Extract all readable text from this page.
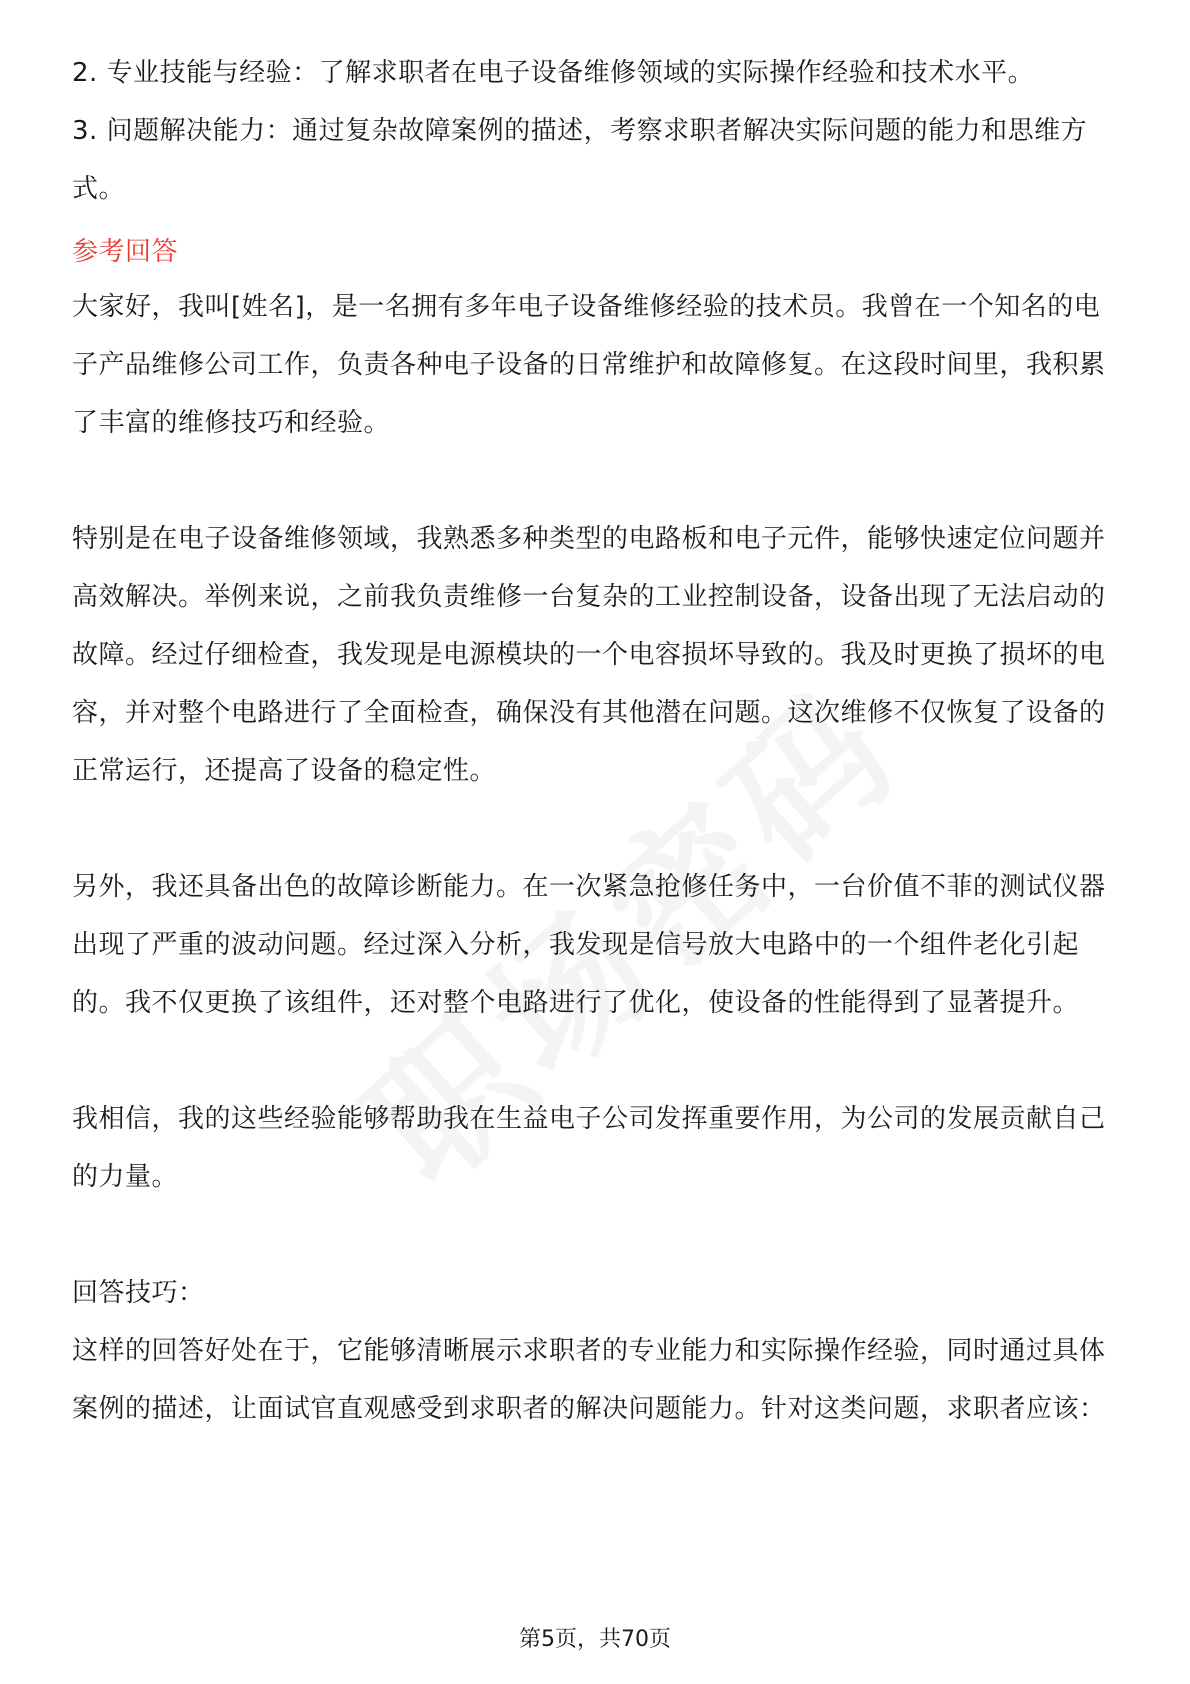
2. 专业技能与经验：了解求职者在电子设备维修领域的实际操作经验和技术水平。

3. 问题解决能力：通过复杂故障案例的描述，考察求职者解决实际问题的能力和思维方式。

参考回答

大家好，我叫[姓名]，是一名拥有多年电子设备维修经验的技术员。我曾在一个知名的电子产品维修公司工作，负责各种电子设备的日常维护和故障修复。在这段时间里，我积累了丰富的维修技巧和经验。

特别是在电子设备维修领域，我熟悉多种类型的电路板和电子元件，能够快速定位问题并高效解决。举例来说，之前我负责维修一台复杂的工业控制设备，设备出现了无法启动的故障。经过仔细检查，我发现是电源模块的一个电容损坏导致的。我及时更换了损坏的电容，并对整个电路进行了全面检查，确保没有其他潜在问题。这次维修不仅恢复了设备的正常运行，还提高了设备的稳定性。

另外，我还具备出色的故障诊断能力。在一次紧急抢修任务中，一台价值不菲的测试仪器出现了严重的波动问题。经过深入分析，我发现是信号放大电路中的一个组件老化引起的。我不仅更换了该组件，还对整个电路进行了优化，使设备的性能得到了显著提升。

我相信，我的这些经验能够帮助我在生益电子公司发挥重要作用，为公司的发展贡献自己的力量。

回答技巧：

这样的回答好处在于，它能够清晰展示求职者的专业能力和实际操作经验，同时通过具体案例的描述，让面试官直观感受到求职者的解决问题能力。针对这类问题，求职者应该：

第5页，共70页
